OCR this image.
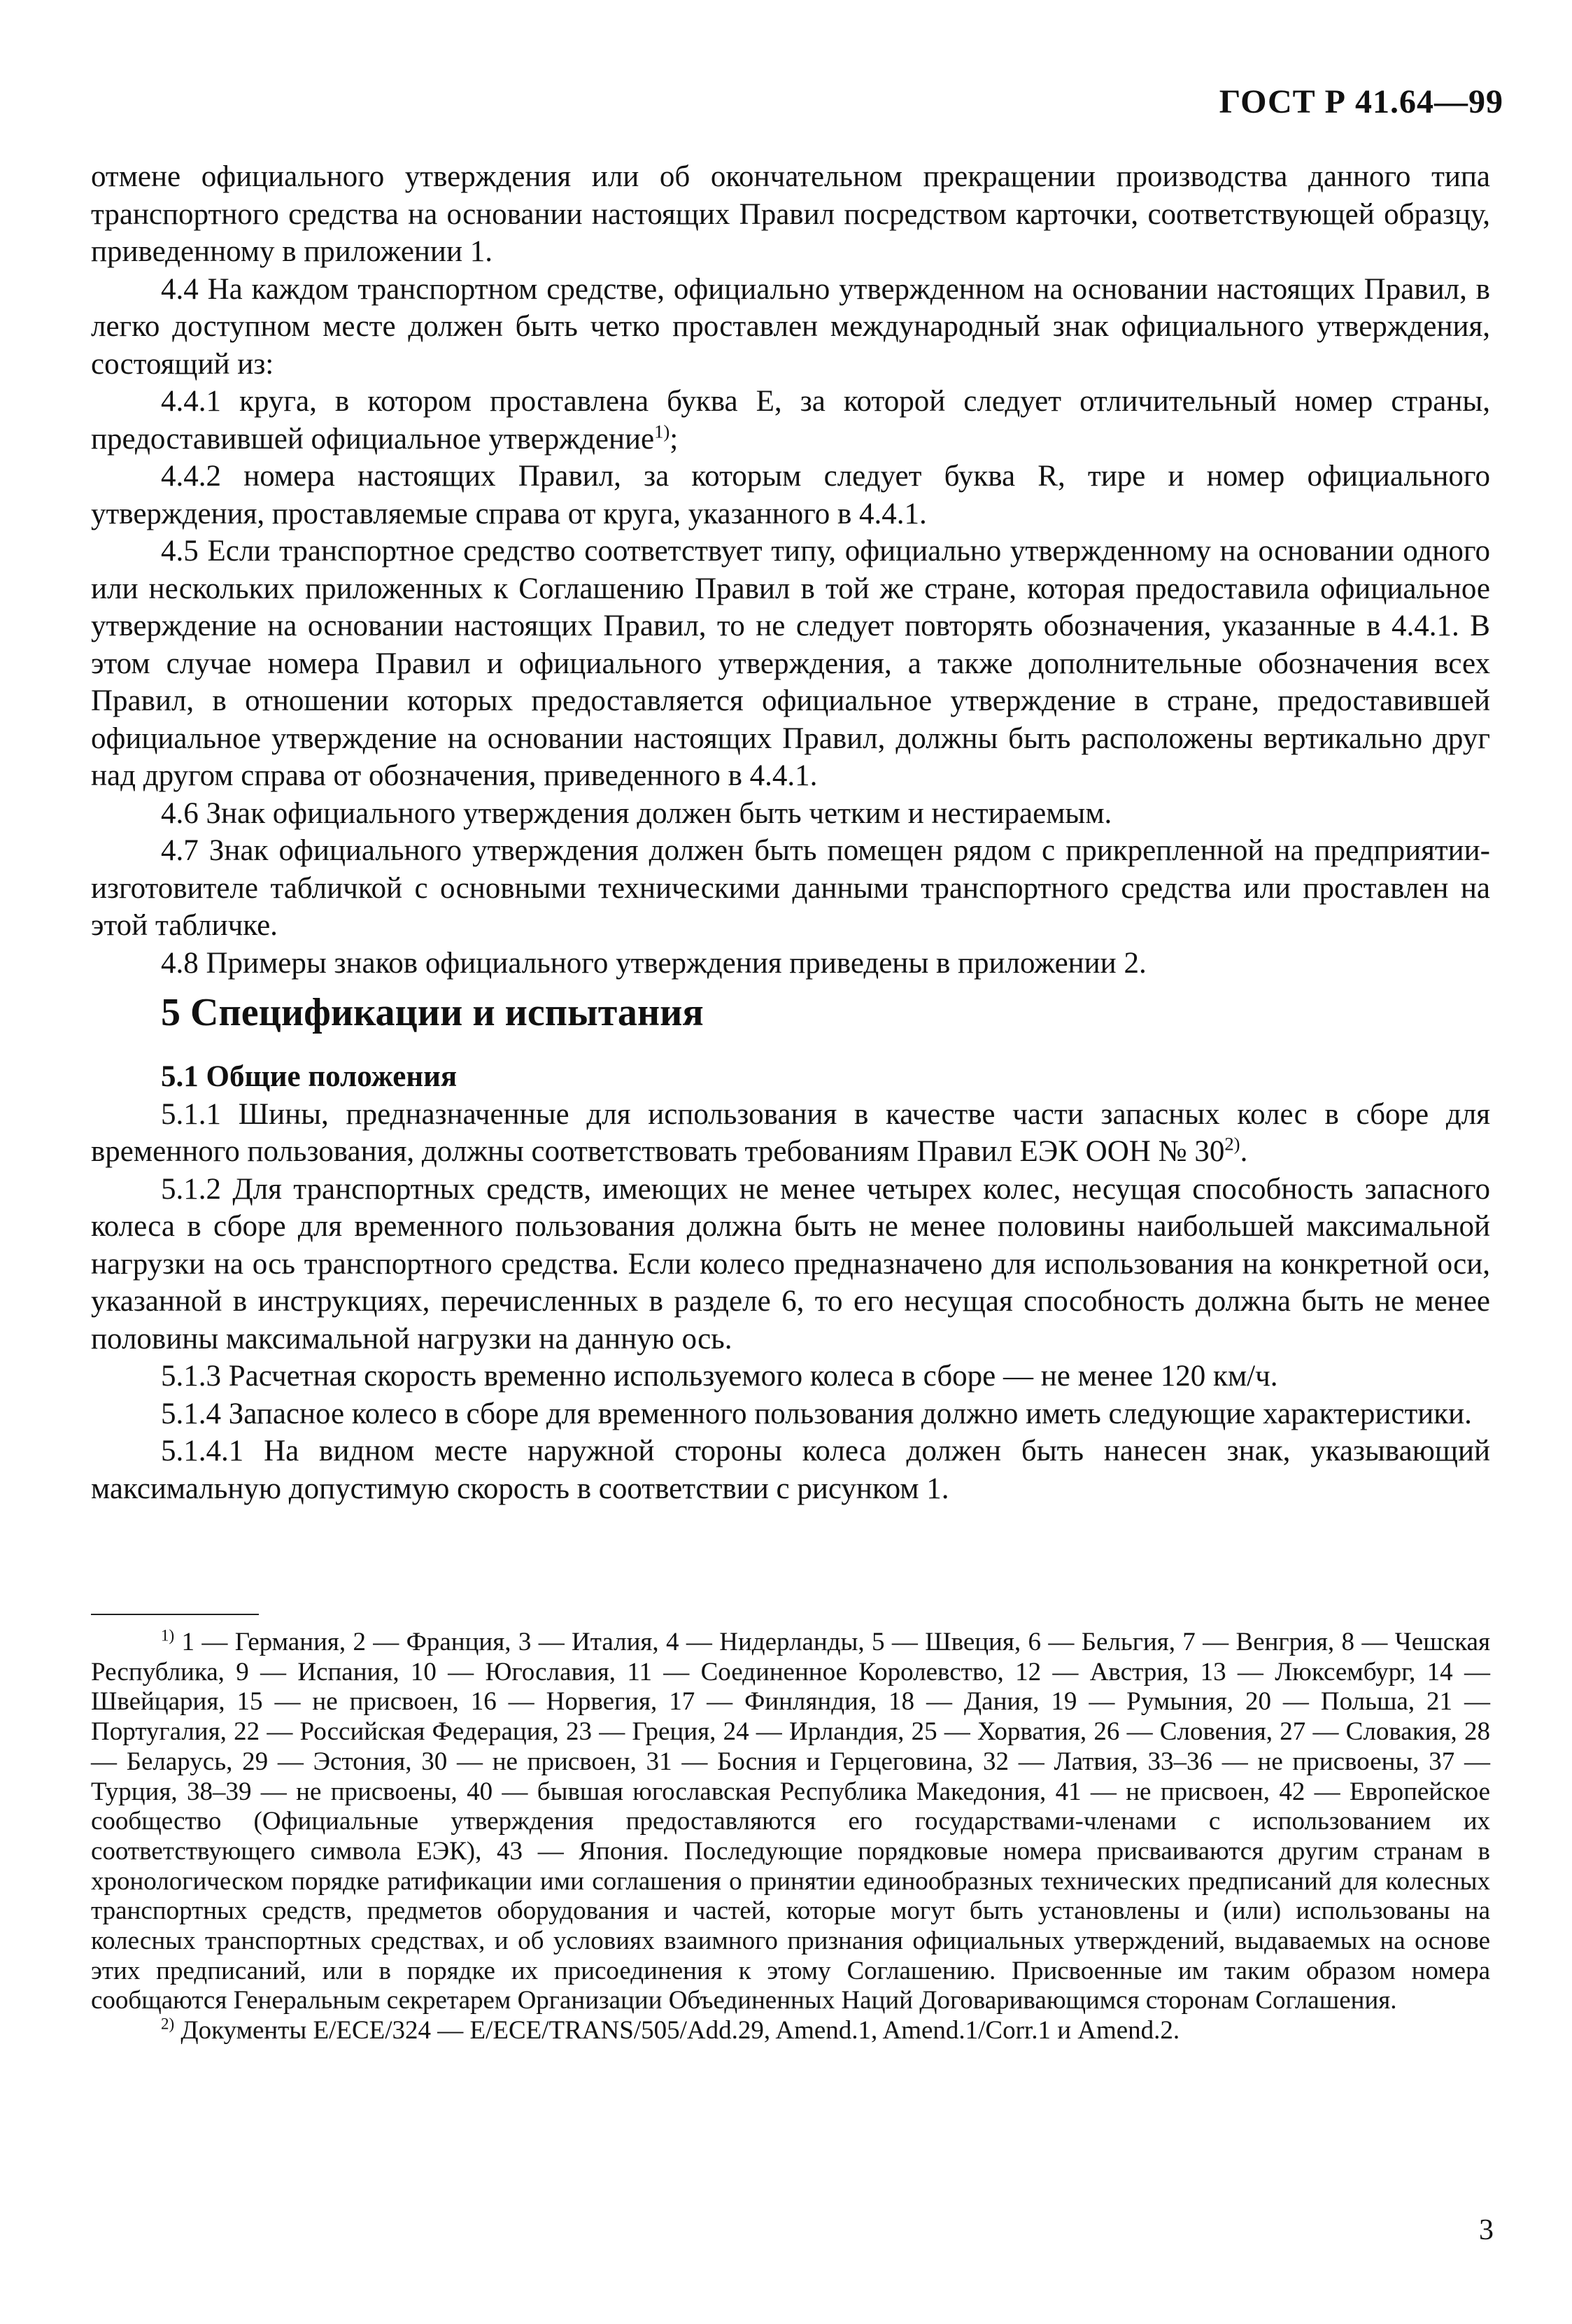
ГОСТ Р 41.64—99

отмене официального утверждения или об окончательном прекращении производства данного типа транспортного средства на основании настоящих Правил посредством карточки, соответствующей образцу, приведенному в приложении 1.

4.4 На каждом транспортном средстве, официально утвержденном на основании настоящих Правил, в легко доступном месте должен быть четко проставлен международный знак официального утверждения, состоящий из:

4.4.1 круга, в котором проставлена буква Е, за которой следует отличительный номер страны, предоставившей официальное утверждение$^{1)}$;

4.4.2 номера настоящих Правил, за которым следует буква R, тире и номер официального утверждения, проставляемые справа от круга, указанного в 4.4.1.

4.5 Если транспортное средство соответствует типу, официально утвержденному на основании одного или нескольких приложенных к Соглашению Правил в той же стране, которая предоставила официальное утверждение на основании настоящих Правил, то не следует повторять обозначения, указанные в 4.4.1. В этом случае номера Правил и официального утверждения, а также дополнительные обозначения всех Правил, в отношении которых предоставляется официальное утверждение в стране, предоставившей официальное утверждение на основании настоящих Правил, должны быть расположены вертикально друг над другом справа от обозначения, приведенного в 4.4.1.

4.6 Знак официального утверждения должен быть четким и нестираемым.

4.7 Знак официального утверждения должен быть помещен рядом с прикрепленной на предприятии-изготовителе табличкой с основными техническими данными транспортного средства или проставлен на этой табличке.

4.8 Примеры знаков официального утверждения приведены в приложении 2.

5 Спецификации и испытания

5.1 Общие положения

5.1.1 Шины, предназначенные для использования в качестве части запасных колес в сборе для временного пользования, должны соответствовать требованиям Правил ЕЭК ООН № 30$^{2)}$.

5.1.2 Для транспортных средств, имеющих не менее четырех колес, несущая способность запасного колеса в сборе для временного пользования должна быть не менее половины наибольшей максимальной нагрузки на ось транспортного средства. Если колесо предназначено для использования на конкретной оси, указанной в инструкциях, перечисленных в разделе 6, то его несущая способность должна быть не менее половины максимальной нагрузки на данную ось.

5.1.3 Расчетная скорость временно используемого колеса в сборе — не менее 120 км/ч.

5.1.4 Запасное колесо в сборе для временного пользования должно иметь следующие характеристики.

5.1.4.1 На видном месте наружной стороны колеса должен быть нанесен знак, указывающий максимальную допустимую скорость в соответствии с рисунком 1.

$^{1)}$ 1 — Германия, 2 — Франция, 3 — Италия, 4 — Нидерланды, 5 — Швеция, 6 — Бельгия, 7 — Венгрия, 8 — Чешская Республика, 9 — Испания, 10 — Югославия, 11 — Соединенное Королевство, 12 — Австрия, 13 — Люксембург, 14 — Швейцария, 15 — не присвоен, 16 — Норвегия, 17 — Финляндия, 18 — Дания, 19 — Румыния, 20 — Польша, 21 — Португалия, 22 — Российская Федерация, 23 — Греция, 24 — Ирландия, 25 — Хорватия, 26 — Словения, 27 — Словакия, 28 — Беларусь, 29 — Эстония, 30 — не присвоен, 31 — Босния и Герцеговина, 32 — Латвия, 33–36 — не присвоены, 37 — Турция, 38–39 — не присвоены, 40 — бывшая югославская Республика Македония, 41 — не присвоен, 42 — Европейское сообщество (Официальные утверждения предоставляются его государствами-членами с использованием их соответствующего символа ЕЭК), 43 — Япония. Последующие порядковые номера присваиваются другим странам в хронологическом порядке ратификации ими соглашения о принятии единообразных технических предписаний для колесных транспортных средств, предметов оборудования и частей, которые могут быть установлены и (или) использованы на колесных транспортных средствах, и об условиях взаимного признания официальных утверждений, выдаваемых на основе этих предписаний, или в порядке их присоединения к этому Соглашению. Присвоенные им таким образом номера сообщаются Генеральным секретарем Организации Объединенных Наций Договаривающимся сторонам Соглашения.

$^{2)}$ Документы E/ECE/324 — E/ECE/TRANS/505/Add.29, Amend.1, Amend.1/Corr.1 и Amend.2.

3
